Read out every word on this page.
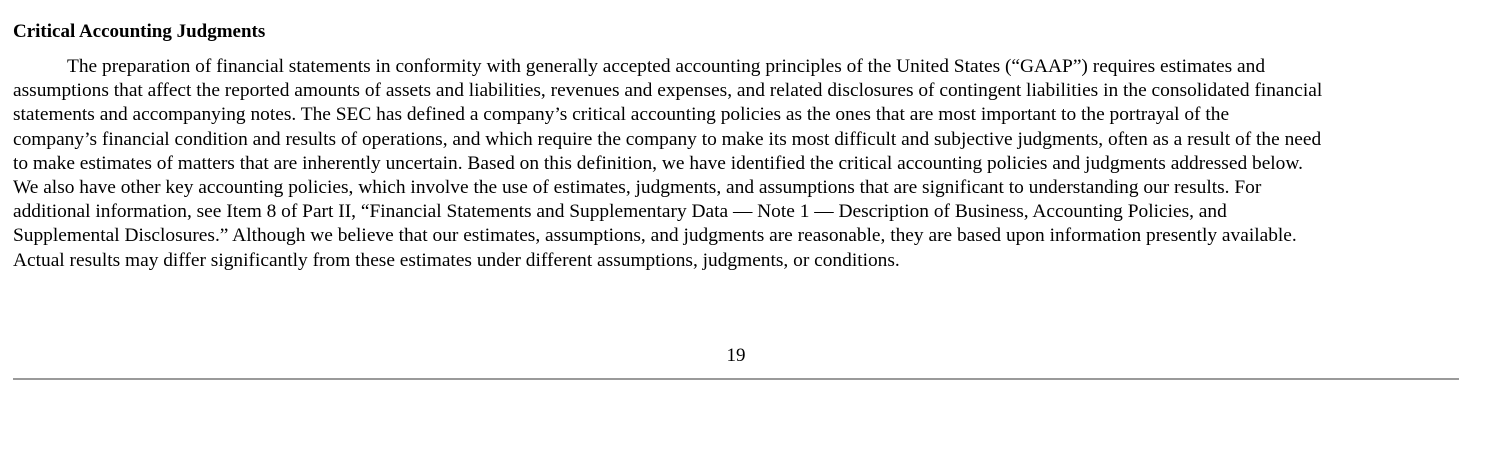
Critical Accounting Judgments

The preparation of financial statements in conformity with generally accepted accounting principles of the United States (“GAAP”) requires estimates and
assumptions that affect the reported amounts of assets and liabilities, revenues and expenses, and related disclosures of contingent liabilities in the consolidated financial
statements and accompanying notes. The SEC has defined a company’s critical accounting policies as the ones that are most important to the portrayal of the
company’s financial condition and results of operations, and which require the company to make its most difficult and subjective judgments, often as a result of the need
to make estimates of matters that are inherently uncertain. Based on this definition, we have identified the critical accounting policies and judgments addressed below.
We also have other key accounting policies, which involve the use of estimates, judgments, and assumptions that are significant to understanding our results. For
additional information, see Item 8 of Part II, “Financial Statements and Supplementary Data — Note 1 — Description of Business, Accounting Policies, and
Supplemental Disclosures.” Although we believe that our estimates, assumptions, and judgments are reasonable, they are based upon information presently available.
Actual results may differ significantly from these estimates under different assumptions, judgments, or conditions.

19
